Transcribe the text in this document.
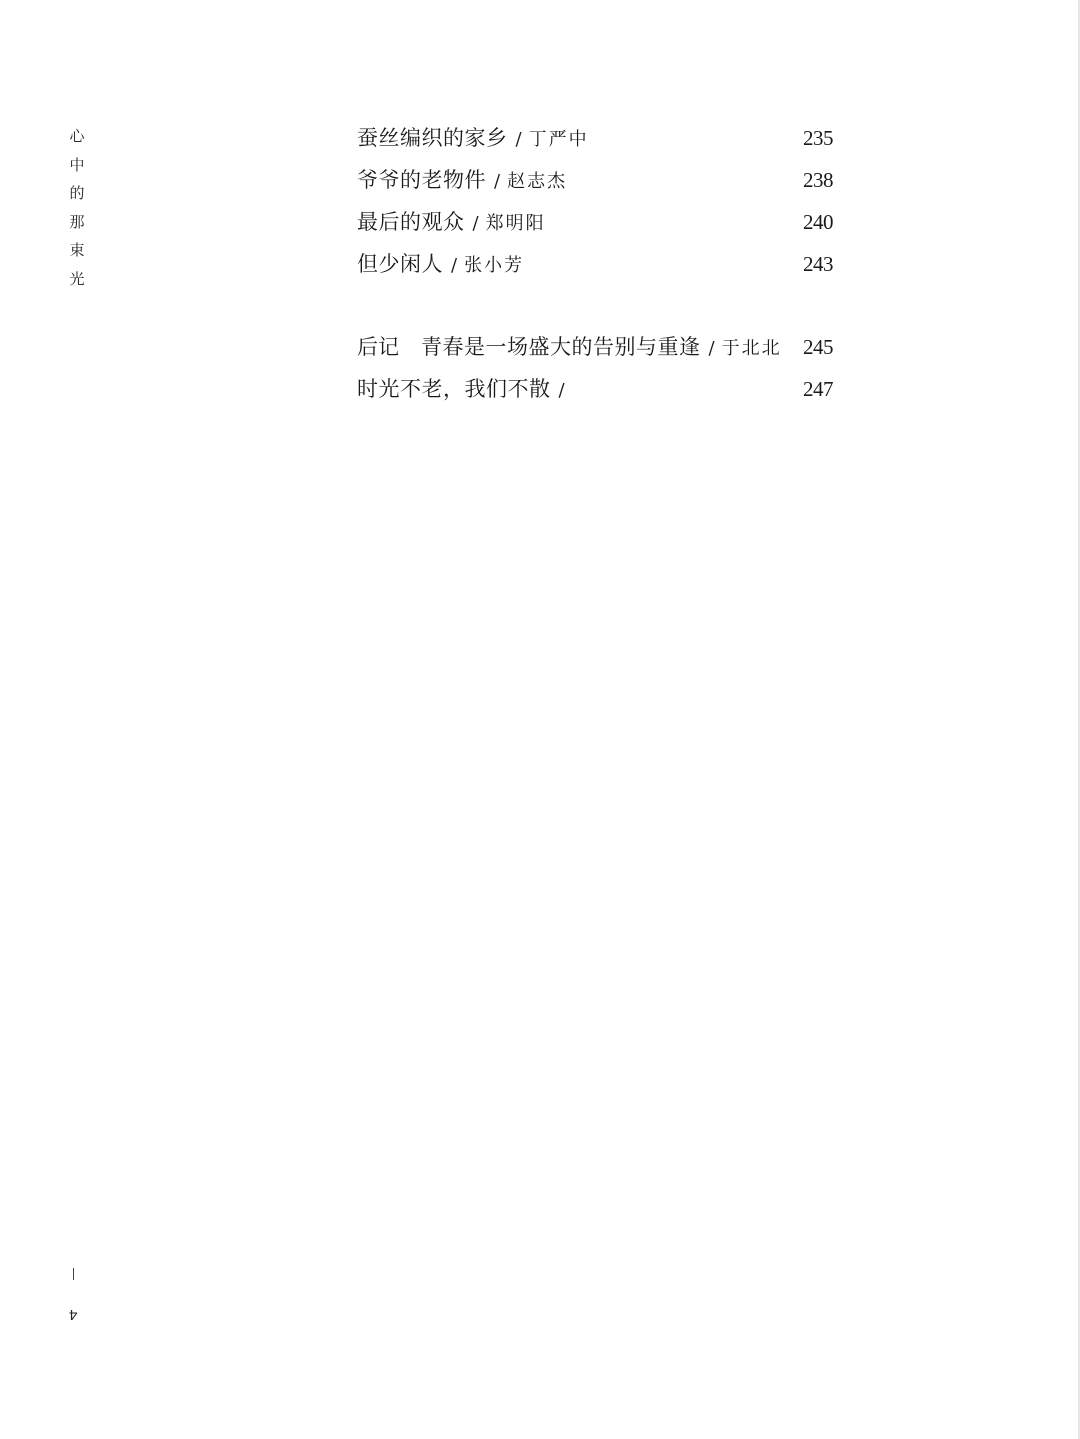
心
中
的
那
束
光
蚕丝编织的家乡 / 丁严中	235
爷爷的老物件 / 赵志杰	238
最后的观众 / 郑明阳	240
但少闲人 / 张小芳	243
后记 青春是一场盛大的告别与重逢 / 于北北 245
时光不老，我们不散 /	247
4
